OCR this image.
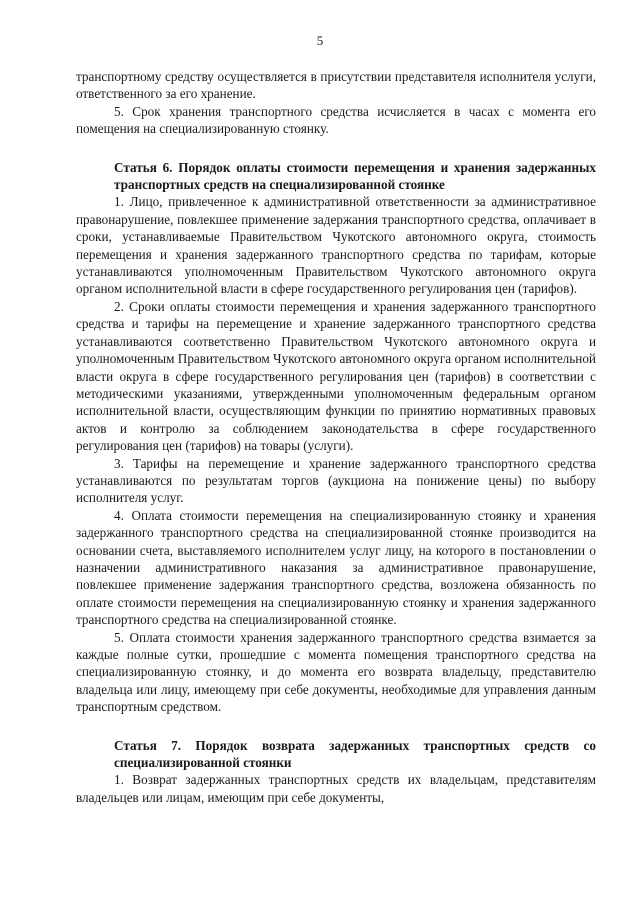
5

транспортному средству осуществляется в присутствии представителя исполнителя услуги, ответственного за его хранение.

5. Срок хранения транспортного средства исчисляется в часах с момента его помещения на специализированную стоянку.

Статья 6. Порядок оплаты стоимости перемещения и хранения задержанных транспортных средств на специализированной стоянке

1. Лицо, привлеченное к административной ответственности за административное правонарушение, повлекшее применение задержания транспортного средства, оплачивает в сроки, устанавливаемые Правительством Чукотского автономного округа, стоимость перемещения и хранения задержанного транспортного средства по тарифам, которые устанавливаются уполномоченным Правительством Чукотского автономного округа органом исполнительной власти в сфере государственного регулирования цен (тарифов).

2. Сроки оплаты стоимости перемещения и хранения задержанного транспортного средства и тарифы на перемещение и хранение задержанного транспортного средства устанавливаются соответственно Правительством Чукотского автономного округа и уполномоченным Правительством Чукотского автономного округа органом исполнительной власти округа в сфере государственного регулирования цен (тарифов) в соответствии с методическими указаниями, утвержденными уполномоченным федеральным органом исполнительной власти, осуществляющим функции по принятию нормативных правовых актов и контролю за соблюдением законодательства в сфере государственного регулирования цен (тарифов) на товары (услуги).

3. Тарифы на перемещение и хранение задержанного транспортного средства устанавливаются по результатам торгов (аукциона на понижение цены) по выбору исполнителя услуг.

4. Оплата стоимости перемещения на специализированную стоянку и хранения задержанного транспортного средства на специализированной стоянке производится на основании счета, выставляемого исполнителем услуг лицу, на которого в постановлении о назначении административного наказания за административное правонарушение, повлекшее применение задержания транспортного средства, возложена обязанность по оплате стоимости перемещения на специализированную стоянку и хранения задержанного транспортного средства на специализированной стоянке.

5. Оплата стоимости хранения задержанного транспортного средства взимается за каждые полные сутки, прошедшие с момента помещения транспортного средства на специализированную стоянку, и до момента его возврата владельцу, представителю владельца или лицу, имеющему при себе документы, необходимые для управления данным транспортным средством.

Статья 7. Порядок возврата задержанных транспортных средств со специализированной стоянки

1. Возврат задержанных транспортных средств их владельцам, представителям владельцев или лицам, имеющим при себе документы,
